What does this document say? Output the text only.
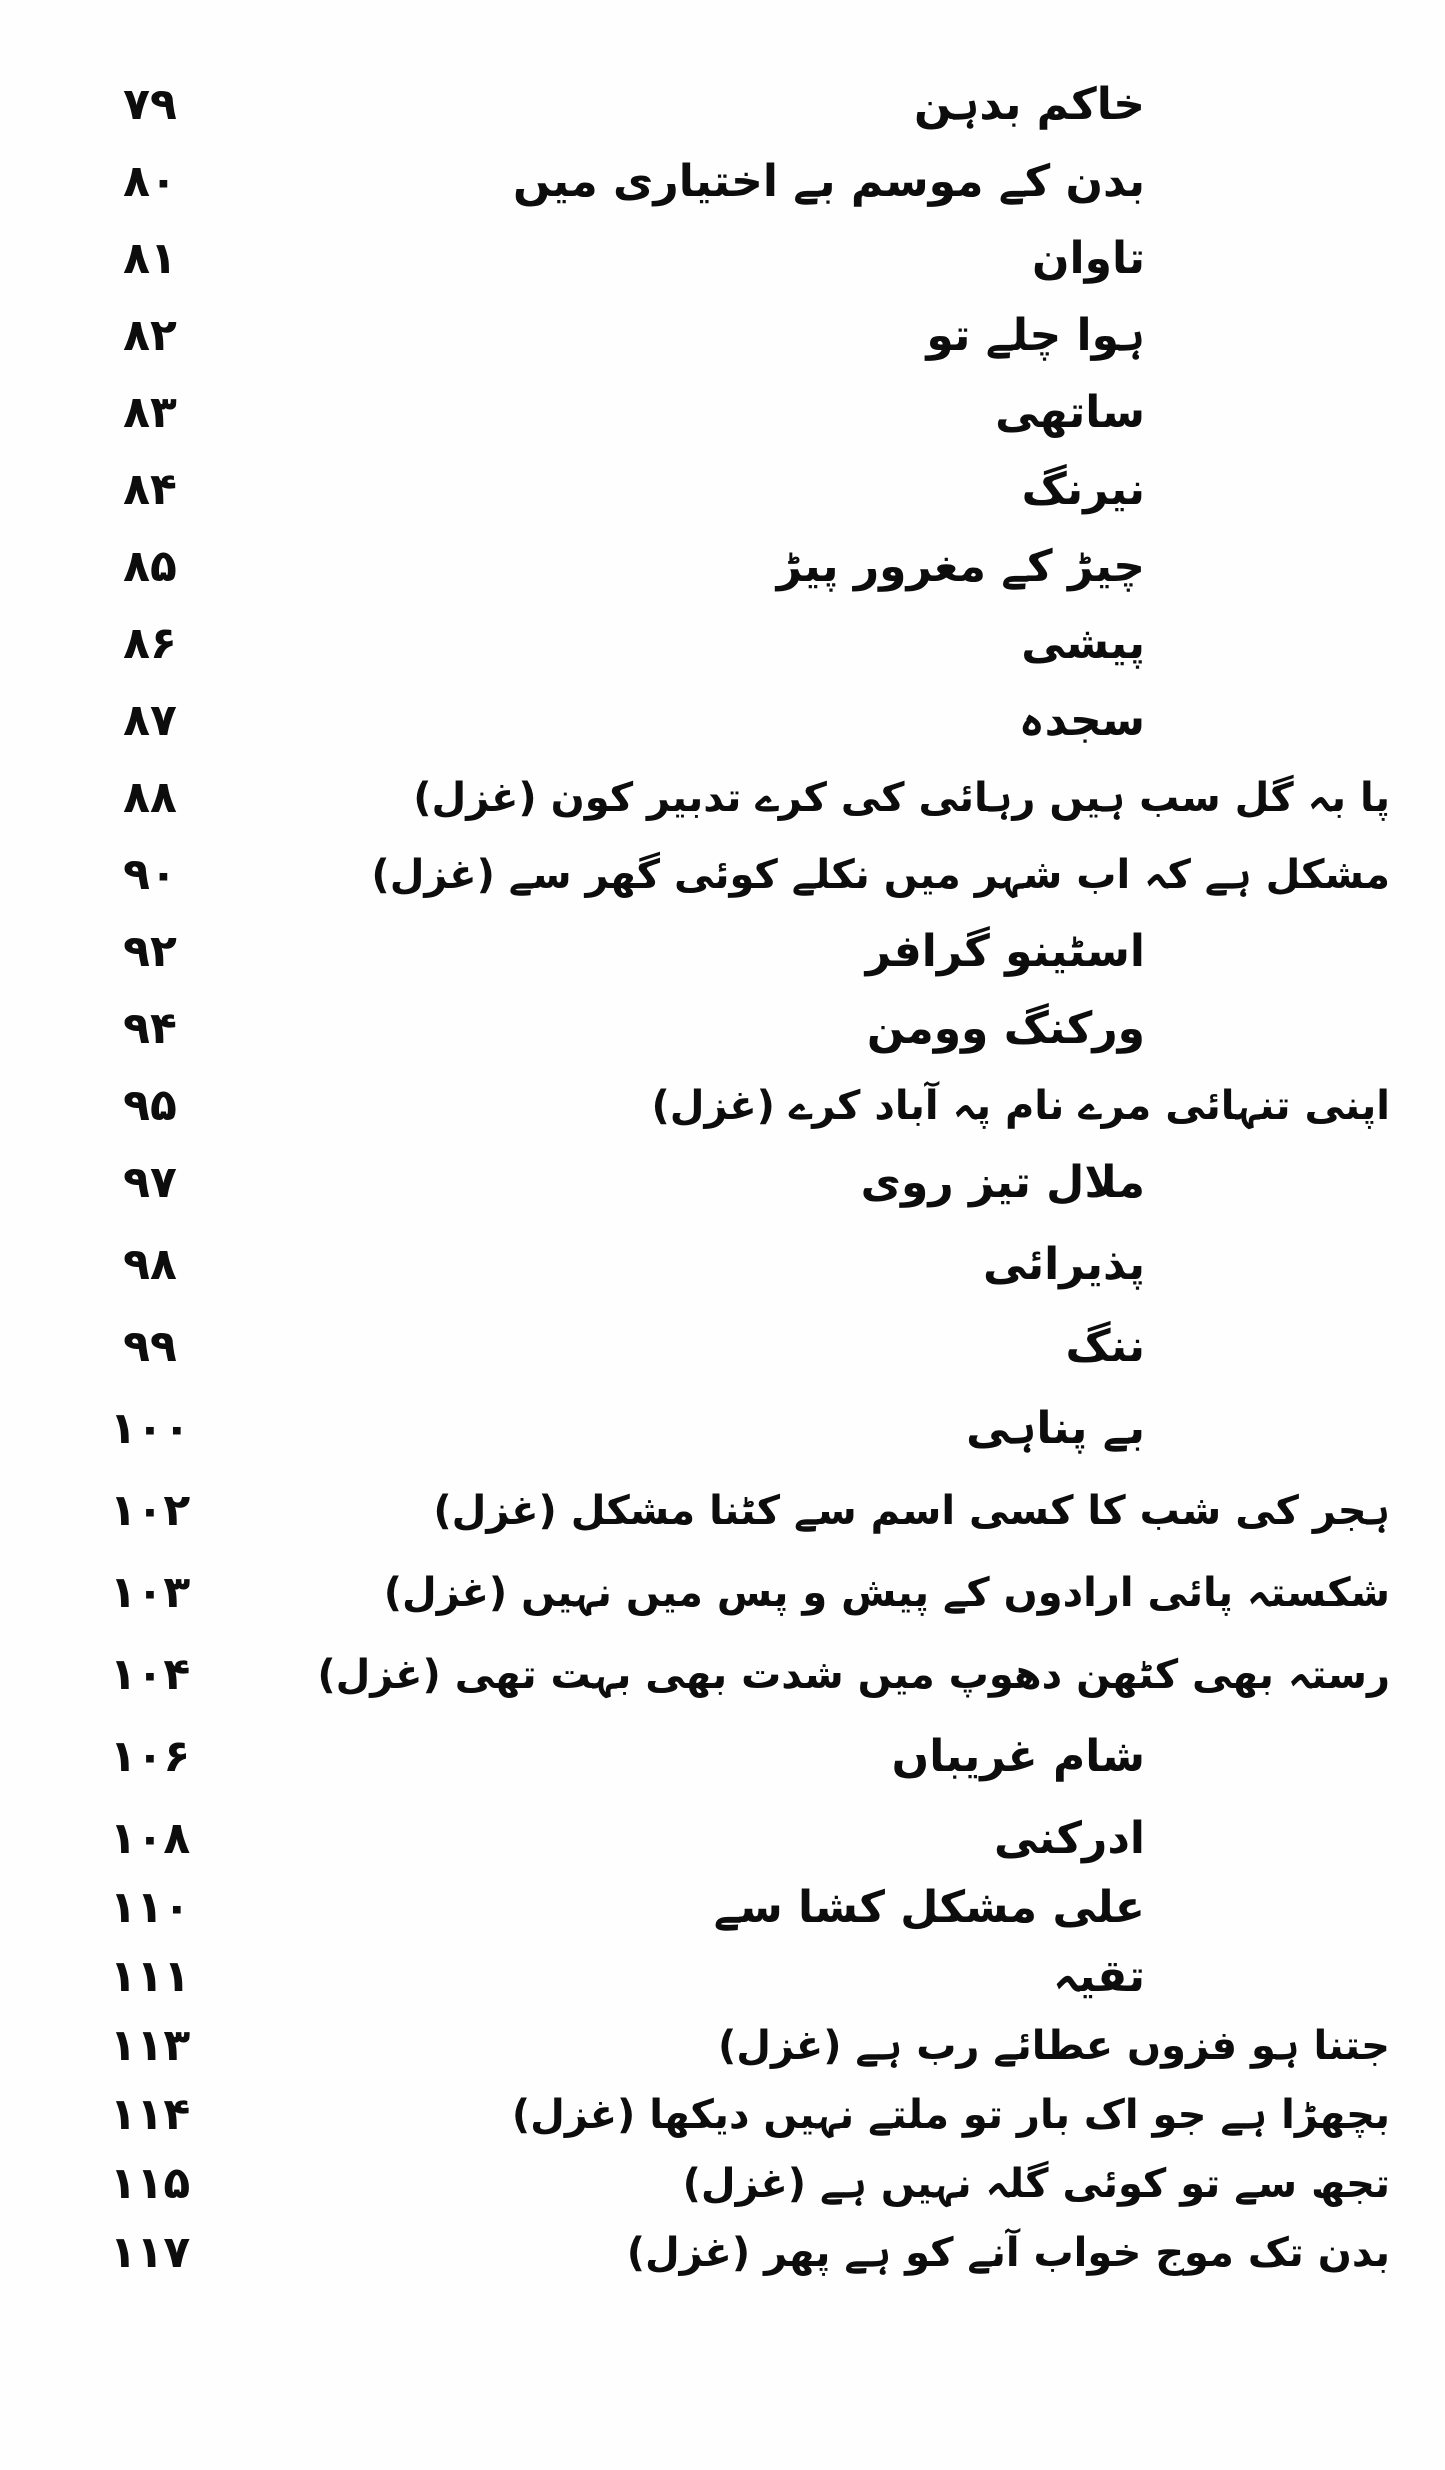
۷۹	خاکم بدہن
۸۰	بدن کے موسم بے اختیاری میں
۸۱	تاوان
۸۲	ہوا چلے تو
۸۳	ساتھی
۸۴	نیرنگ
۸۵	چیڑ کے مغرور پیڑ
۸۶	پیشی
۸۷	سجدہ
۸۸	پا بہ گل سب ہیں رہائی کی کرے تدبیر کون (غزل)
۹۰	مشکل ہے کہ اب شہر میں نکلے کوئی گھر سے (غزل)
۹۲	اسٹینو گرافر
۹۴	ورکنگ وومن
۹۵	اپنی تنہائی مرے نام پہ آباد کرے (غزل)
۹۷	ملال تیز روی
۹۸	پذیرائی
۹۹	ننگ
۱۰۰	بے پناہی
۱۰۲	ہجر کی شب کا کسی اسم سے کٹنا مشکل (غزل)
۱۰۳	شکستہ پائی ارادوں کے پیش و پس میں نہیں (غزل)
۱۰۴	رستہ بھی کٹھن دھوپ میں شدت بھی بہت تھی (غزل)
۱۰۶	شام غریباں
۱۰۸	ادرکنی
۱۱۰	علی مشکل کشا سے
۱۱۱	تقیہ
۱۱۳	جتنا ہو فزوں عطائے رب ہے (غزل)
۱۱۴	بچھڑا ہے جو اک بار تو ملتے نہیں دیکھا (غزل)
۱۱۵	تجھ سے تو کوئی گلہ نہیں ہے (غزل)
۱۱۷	بدن تک موج خواب آنے کو ہے پھر (غزل)
